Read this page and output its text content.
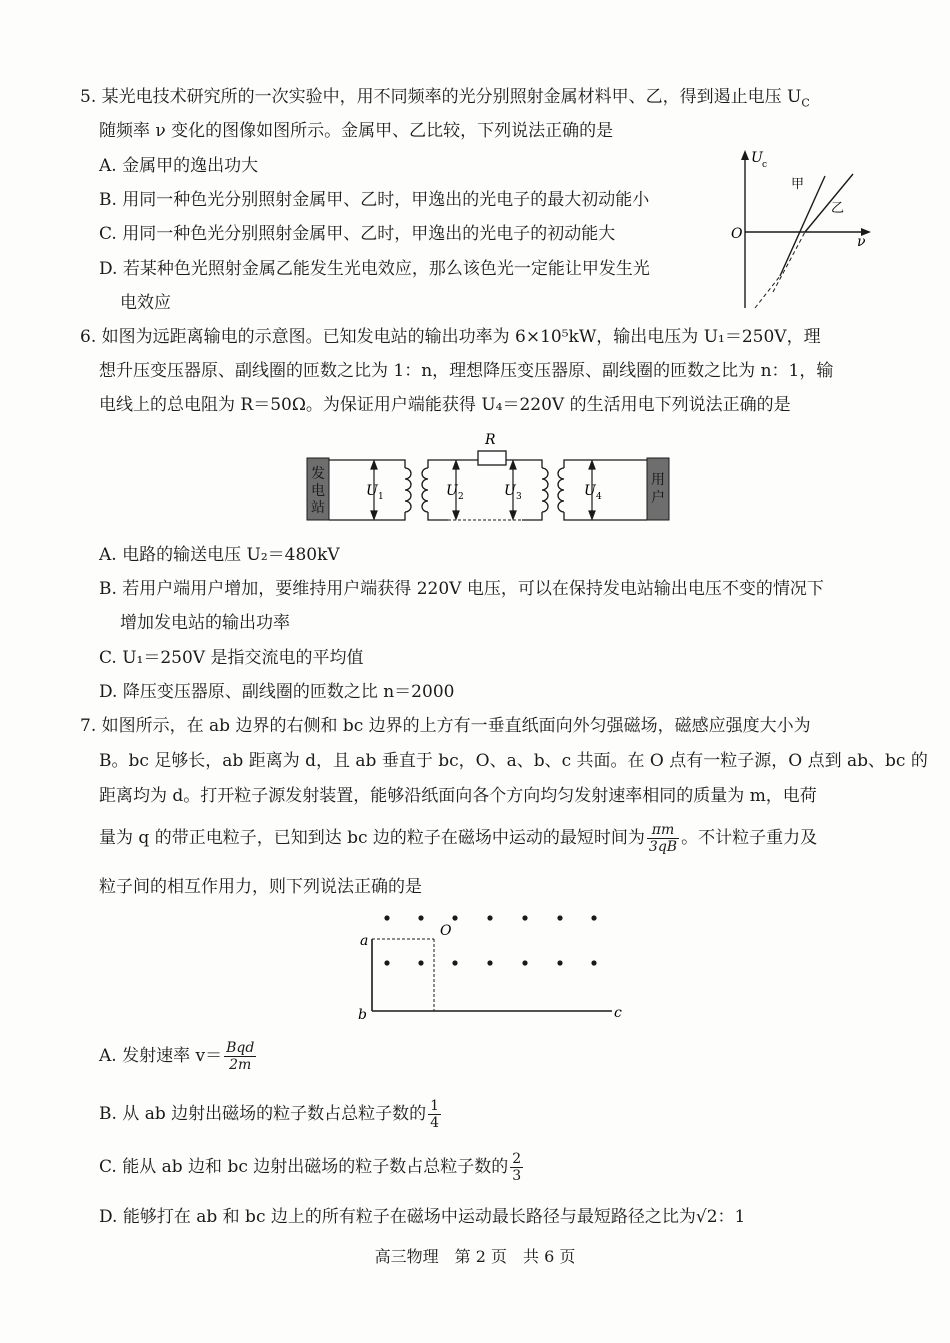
5. 某光电技术研究所的一次实验中，用不同频率的光分别照射金属材料甲、乙，得到遏止电压 $U_C$
随频率 ν 变化的图像如图所示。金属甲、乙比较，下列说法正确的是
A. 金属甲的逸出功大
B. 用同一种色光分别照射金属甲、乙时，甲逸出的光电子的最大初动能小
C. 用同一种色光分别照射金属甲、乙时，甲逸出的光电子的初动能大
D. 若某种色光照射金属乙能发生光电效应，那么该色光一定能让甲发生光
电效应
U c
ν
O
甲
乙
6. 如图为远距离输电的示意图。已知发电站的输出功率为 6×10⁵kW，输出电压为 U₁＝250V，理
想升压变压器原、副线圈的匝数之比为 1：n，理想降压变压器原、副线圈的匝数之比为 n：1，输
电线上的总电阻为 R＝50Ω。为保证用户端能获得 U₄＝220V 的生活用电下列说法正确的是
发电站
用户
R
U 1	U 2	U 3	U 4
A. 电路的输送电压 U₂＝480kV
B. 若用户端用户增加，要维持用户端获得 220V 电压，可以在保持发电站输出电压不变的情况下
增加发电站的输出功率
C. U₁＝250V 是指交流电的平均值
D. 降压变压器原、副线圈的匝数之比 n＝2000
7. 如图所示，在 ab 边界的右侧和 bc 边界的上方有一垂直纸面向外匀强磁场，磁感应强度大小为
B。bc 足够长，ab 距离为 d，且 ab 垂直于 bc，O、a、b、c 共面。在 O 点有一粒子源，O 点到 ab、bc 的
距离均为 d。打开粒子源发射装置，能够沿纸面向各个方向均匀发射速率相同的质量为 m，电荷
量为 q 的带正电粒子，已知到达 bc 边的粒子在磁场中运动的最短时间为 $\frac{\pi m}{3qB}$ 。不计粒子重力及
粒子间的相互作用力，则下列说法正确的是
a
b	c
O
A. 发射速率 $v= \frac{\text{Bqd}}{2m}$
B. 从 ab 边射出磁场的粒子数占总粒子数的 $\frac{1}{4}$
C. 能从 ab 边和 bc 边射出磁场的粒子数占总粒子数的 $\frac{2}{3}$
D. 能够打在 ab 和 bc 边上的所有粒子在磁场中运动最长路径与最短路径之比为√2：1
高三物理　第 2 页　共 6 页
